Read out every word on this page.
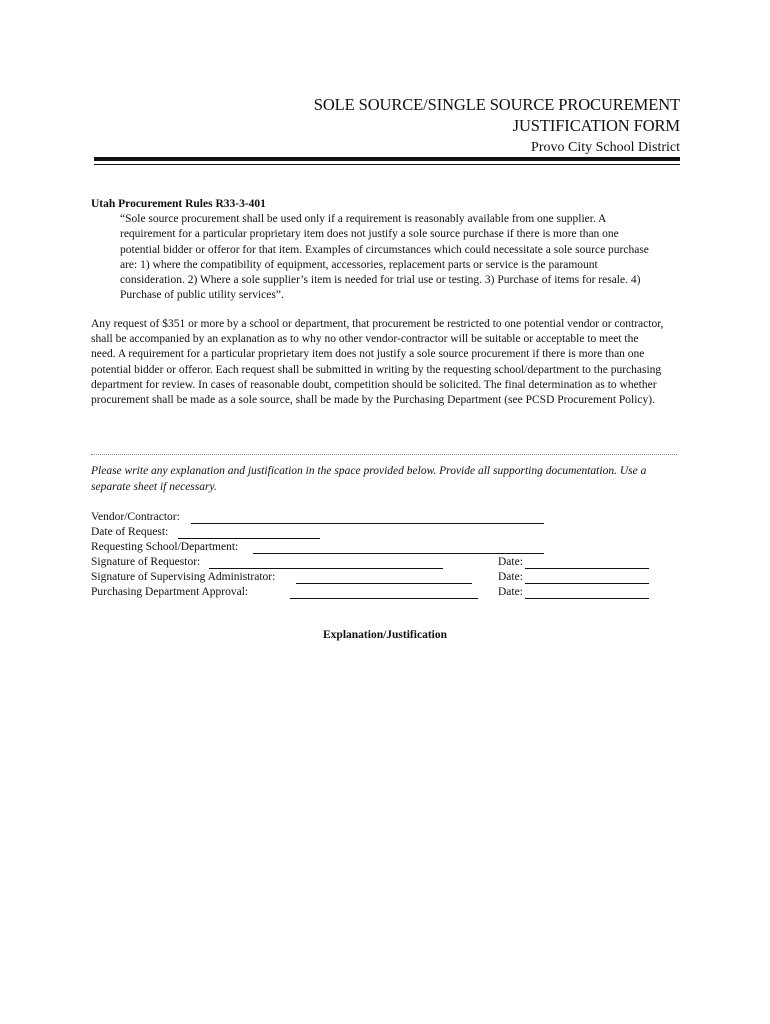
SOLE SOURCE/SINGLE SOURCE PROCUREMENT
JUSTIFICATION FORM
Provo City School District
Utah Procurement Rules R33-3-401
“Sole source procurement shall be used only if a requirement is reasonably available from one supplier. A requirement for a particular proprietary item does not justify a sole source purchase if there is more than one potential bidder or offeror for that item. Examples of circumstances which could necessitate a sole source purchase are: 1) where the compatibility of equipment, accessories, replacement parts or service is the paramount consideration. 2) Where a sole supplier’s item is needed for trial use or testing. 3) Purchase of items for resale. 4) Purchase of public utility services”.
Any request of $351 or more by a school or department, that procurement be restricted to one potential vendor or contractor, shall be accompanied by an explanation as to why no other vendor-contractor will be suitable or acceptable to meet the need. A requirement for a particular proprietary item does not justify a sole source procurement if there is more than one potential bidder or offeror. Each request shall be submitted in writing by the requesting school/department to the purchasing department for review. In cases of reasonable doubt, competition should be solicited. The final determination as to whether procurement shall be made as a sole source, shall be made by the Purchasing Department (see PCSD Procurement Policy).
Please write any explanation and justification in the space provided below. Provide all supporting documentation. Use a separate sheet if necessary.
Vendor/Contractor:
Date of Request:
Requesting School/Department:
Signature of Requestor:	Date:
Signature of Supervising Administrator:	Date:
Purchasing Department Approval:	Date:
Explanation/Justification
